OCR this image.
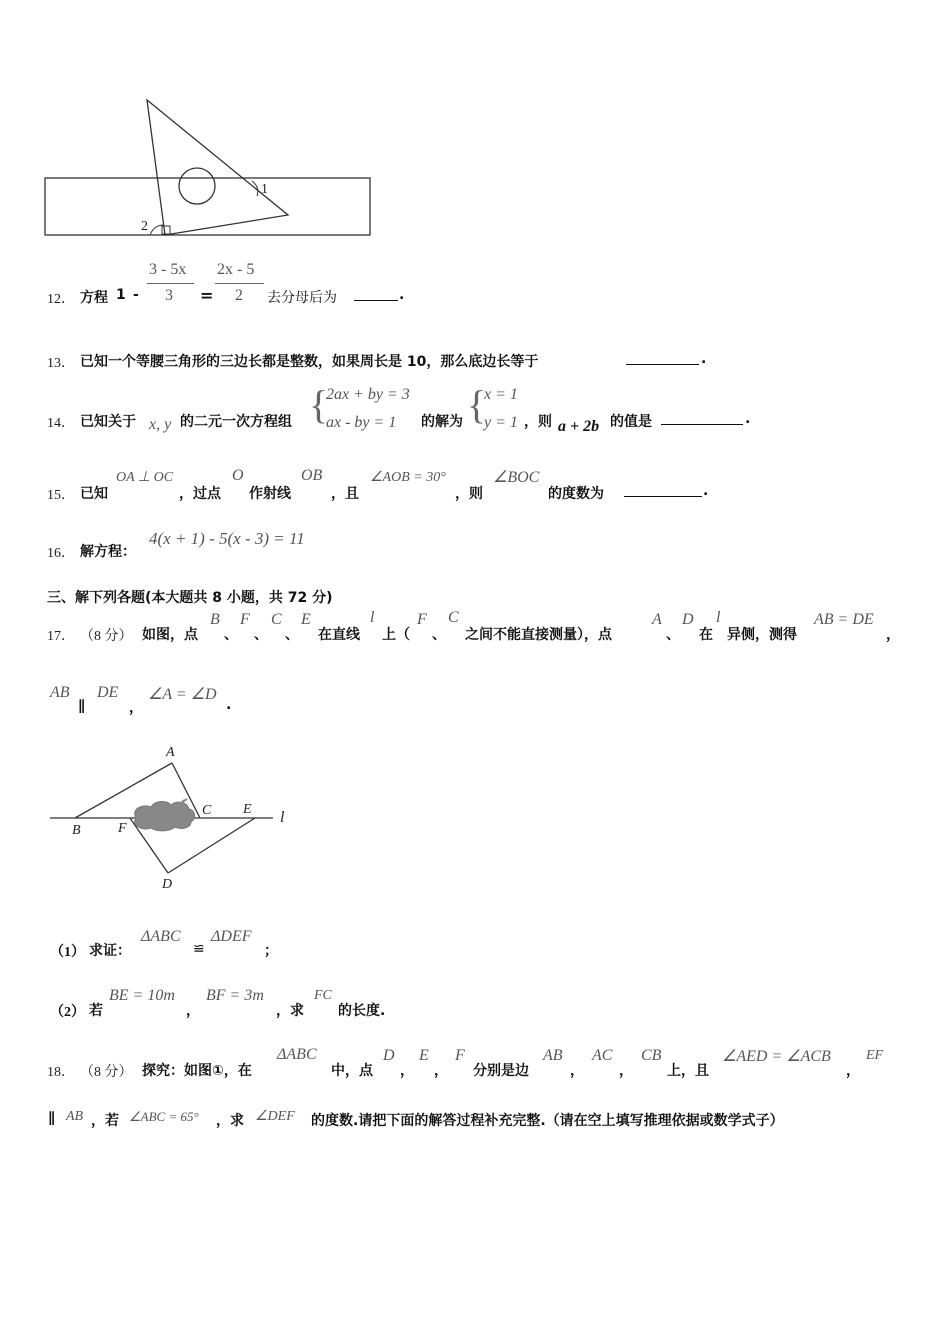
1
2
12． 方程 1 -
3 - 5x
3 =
2x - 5
2 去分母后为	.
13． 已知一个等腰三角形的三边长都是整数，如果周长是 10，那么底边长等于	.
14． 已知关于 x, y 的二元一次方程组 {
2ax + by = 3
ax - by = 1 的解为 {
x = 1
y = 1 ，则 a + 2b 的值是	.
15． 已知
OA ⊥ OC
，过点
O
作射线
OB
，且
∠AOB = 30°
，则
∠BOC
的度数为	.
16． 解方程：
4(x + 1) - 5(x - 3) = 11
三、解下列各题(本大题共 8 小题，共 72 分)
17． （8 分） 如图，点
B
、
F
、
C
、
E
在直线
l
上（
F
、
C
之间不能直接测量），点
A
、
D
在
l
异侧，测得
AB = DE
，
AB
∥
DE
，
∠A = ∠D
.
A
B	F
C E
D
l
（1） 求证：
ΔABC
≌
ΔDEF
；
（2） 若
BE = 10m
，
BF = 3m
，求
FC
的长度.
18． （8 分） 探究：如图①，在
ΔABC
中，点
D
，
E
，
F
分别是边
AB
，
AC
，
CB
上，且
∠AED = ∠ACB
，
EF
∥ AB ，若 ∠ABC = 65° ，求 ∠DEF 的度数.请把下面的解答过程补充完整.（请在空上填写推理依据或数学式子）
